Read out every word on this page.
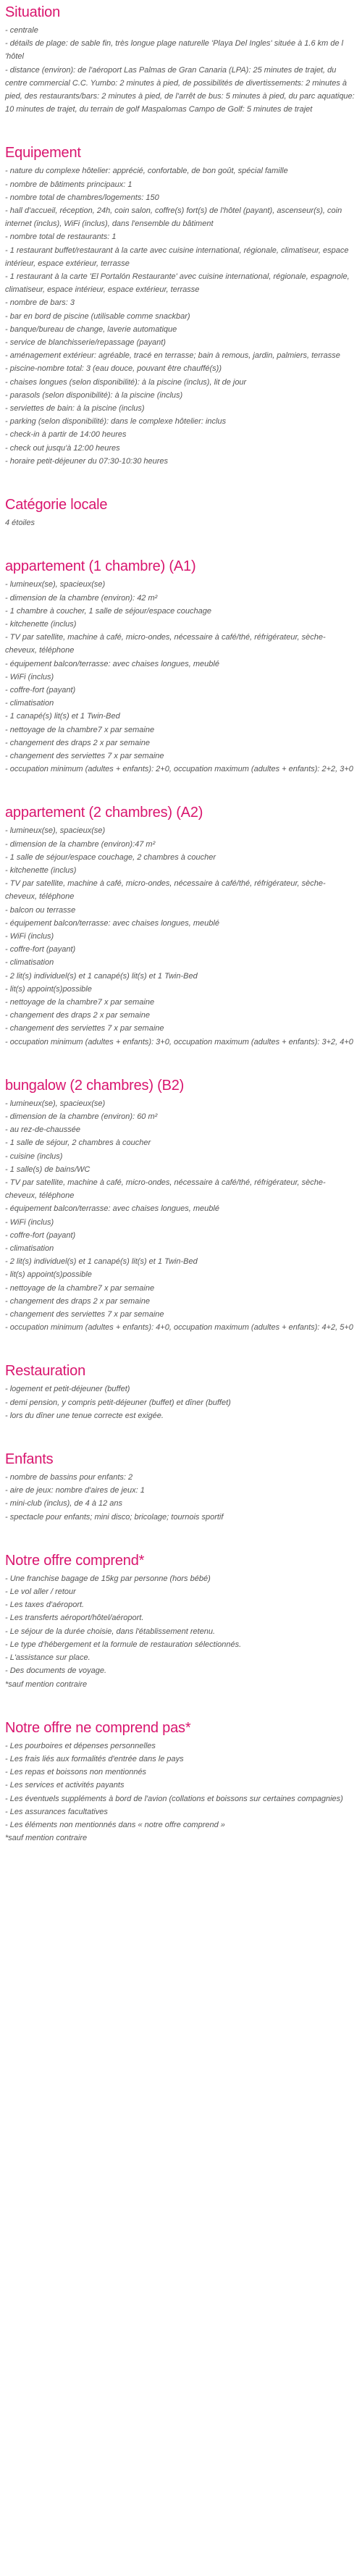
Situation
- centrale
- détails de plage: de sable fin, très longue plage naturelle 'Playa Del Ingles' située à 1.6 km de l 'hôtel
- distance (environ): de l'aéroport Las Palmas de Gran Canaria (LPA): 25 minutes de trajet, du centre commercial C.C. Yumbo: 2 minutes à pied, de possibilités de divertissements: 2 minutes à pied, des restaurants/bars: 2 minutes à pied, de l'arrêt de bus: 5 minutes à pied, du parc aquatique: 10 minutes de trajet, du terrain de golf Maspalomas Campo de Golf: 5 minutes de trajet
Equipement
- nature du complexe hôtelier: apprécié, confortable, de bon goût, spécial famille
- nombre de bâtiments principaux: 1
- nombre total de chambres/logements: 150
- hall d'accueil, réception, 24h, coin salon, coffre(s) fort(s) de l'hôtel (payant), ascenseur(s), coin internet (inclus), WiFi (inclus), dans l'ensemble du bâtiment
- nombre total de restaurants: 1
- 1 restaurant buffet/restaurant à la carte avec cuisine international, régionale, climatiseur, espace intérieur, espace extérieur, terrasse
- 1 restaurant à la carte 'El Portalón Restaurante' avec cuisine international, régionale, espagnole, climatiseur, espace intérieur, espace extérieur, terrasse
- nombre de bars: 3
- bar en bord de piscine (utilisable comme snackbar)
- banque/bureau de change, laverie automatique
- service de blanchisserie/repassage (payant)
- aménagement extérieur: agréable, tracé en terrasse; bain à remous, jardin, palmiers, terrasse
- piscine-nombre total: 3 (eau douce, pouvant être chauffé(s))
- chaises longues (selon disponibilité): à la piscine (inclus), lit de jour
- parasols (selon disponibilité): à la piscine (inclus)
- serviettes de bain: à la piscine (inclus)
- parking (selon disponibilité): dans le complexe hôtelier: inclus
- check-in à partir de 14:00 heures
- check out jusqu'à 12:00 heures
- horaire petit-déjeuner du 07:30-10:30 heures
Catégorie locale
4 étoiles
appartement (1 chambre) (A1)
- lumineux(se), spacieux(se)
- dimension de la chambre (environ): 42 m²
- 1 chambre à coucher, 1 salle de séjour/espace couchage
- kitchenette (inclus)
- TV par satellite, machine à café, micro-ondes, nécessaire à café/thé, réfrigérateur, sèche-cheveux, téléphone
- équipement balcon/terrasse: avec chaises longues, meublé
- WiFi (inclus)
- coffre-fort (payant)
- climatisation
- 1 canapé(s) lit(s) et 1 Twin-Bed
- nettoyage de la chambre7 x par semaine
- changement des draps 2 x par semaine
- changement des serviettes 7 x par semaine
- occupation minimum (adultes + enfants): 2+0, occupation maximum (adultes + enfants): 2+2, 3+0
appartement (2 chambres) (A2)
- lumineux(se), spacieux(se)
- dimension de la chambre (environ):47 m²
- 1 salle de séjour/espace couchage, 2 chambres à coucher
- kitchenette (inclus)
- TV par satellite, machine à café, micro-ondes, nécessaire à café/thé, réfrigérateur, sèche-cheveux, téléphone
- balcon ou terrasse
- équipement balcon/terrasse: avec chaises longues, meublé
- WiFi (inclus)
- coffre-fort (payant)
- climatisation
- 2 lit(s) individuel(s) et 1 canapé(s) lit(s) et 1 Twin-Bed
- lit(s) appoint(s)possible
- nettoyage de la chambre7 x par semaine
- changement des draps 2 x par semaine
- changement des serviettes 7 x par semaine
- occupation minimum (adultes + enfants): 3+0, occupation maximum (adultes + enfants): 3+2, 4+0
bungalow (2 chambres) (B2)
- lumineux(se), spacieux(se)
- dimension de la chambre (environ): 60 m²
- au rez-de-chaussée
- 1 salle de séjour, 2 chambres à coucher
- cuisine (inclus)
- 1 salle(s) de bains/WC
- TV par satellite, machine à café, micro-ondes, nécessaire à café/thé, réfrigérateur, sèche-cheveux, téléphone
- équipement balcon/terrasse: avec chaises longues, meublé
- WiFi (inclus)
- coffre-fort (payant)
- climatisation
- 2 lit(s) individuel(s) et 1 canapé(s) lit(s) et 1 Twin-Bed
- lit(s) appoint(s)possible
- nettoyage de la chambre7 x par semaine
- changement des draps 2 x par semaine
- changement des serviettes 7 x par semaine
- occupation minimum (adultes + enfants): 4+0, occupation maximum (adultes + enfants): 4+2, 5+0
Restauration
- logement et petit-déjeuner (buffet)
- demi pension, y compris petit-déjeuner (buffet) et dîner (buffet)
- lors du dîner une tenue correcte est exigée.
Enfants
- nombre de bassins pour enfants: 2
- aire de jeux: nombre d'aires de jeux: 1
- mini-club (inclus), de 4 à 12 ans
- spectacle pour enfants; mini disco; bricolage; tournois sportif
Notre offre comprend*
- Une franchise bagage de 15kg par personne (hors bébé)
- Le vol aller / retour
- Les taxes d'aéroport.
- Les transferts aéroport/hôtel/aéroport.
- Le séjour de la durée choisie, dans l'établissement retenu.
- Le type d'hébergement et la formule de restauration sélectionnés.
- L'assistance sur place.
- Des documents de voyage.
*sauf mention contraire
Notre offre ne comprend pas*
- Les pourboires et dépenses personnelles
- Les frais liés aux formalités d'entrée dans le pays
- Les repas et boissons non mentionnés
- Les services et activités payants
- Les éventuels suppléments à bord de l'avion (collations et boissons sur certaines compagnies)
- Les assurances facultatives
- Les éléments non mentionnés dans « notre offre comprend »
*sauf mention contraire
